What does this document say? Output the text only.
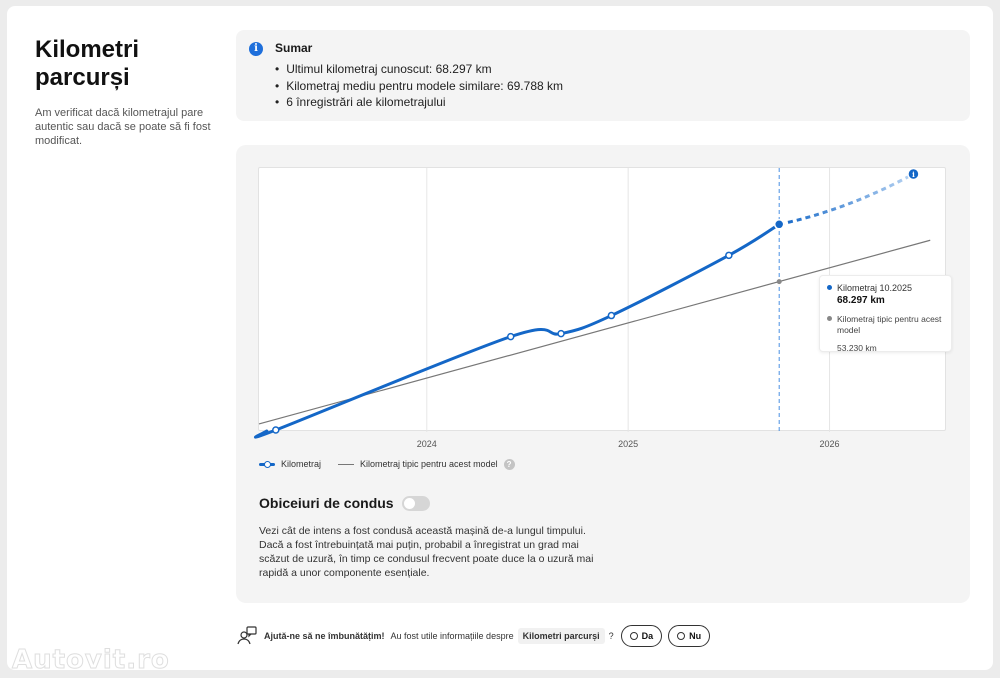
Kilometri parcurși
Am verificat dacă kilometrajul pare autentic sau dacă se poate să fi fost modificat.
i	Sumar
• Ultimul kilometraj cunoscut: 68.297 km
• Kilometraj mediu pentru modele similare: 69.788 km
• 6 înregistrări ale kilometrajului
2024	2025	2026
i
Kilometraj 10.2025
68.297 km
Kilometraj tipic pentru acest model
53.230 km
Kilometraj	Kilometraj tipic pentru acest model	?
Obiceiuri de condus
Vezi cât de intens a fost condusă această mașină de-a lungul timpului. Dacă a fost întrebuințată mai puțin, probabil a înregistrat un grad mai scăzut de uzură, în timp ce condusul frecvent poate duce la o uzură mai rapidă a unor componente esențiale.
Ajută-ne să ne îmbunătățim! Au fost utile informațiile despre	Kilometri parcurși	?	Da	Nu
Autovit.ro
